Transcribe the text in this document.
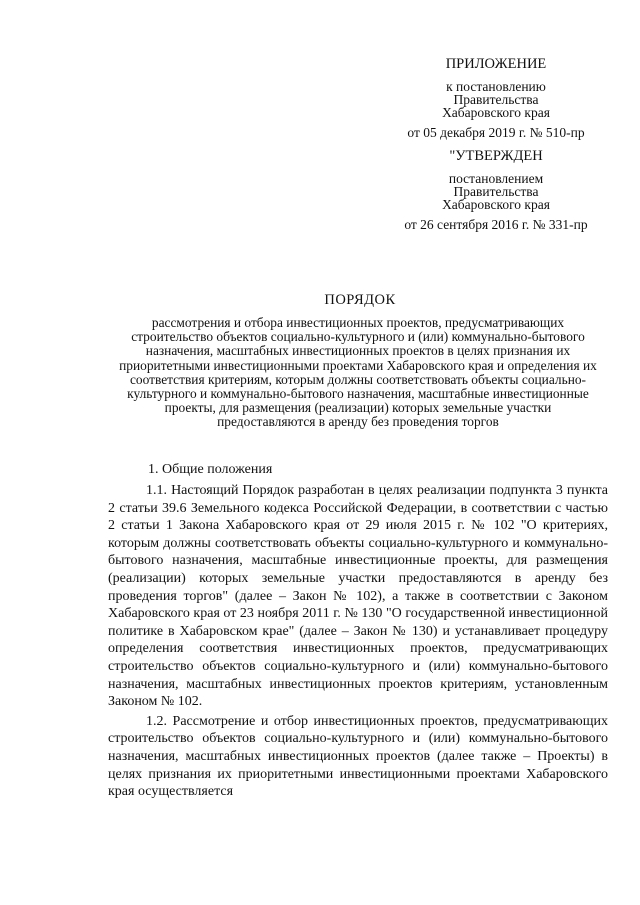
ПРИЛОЖЕНИЕ
к постановлению
Правительства
Хабаровского края
от 05 декабря 2019 г. № 510-пр
"УТВЕРЖДЕН
постановлением
Правительства
Хабаровского края
от 26 сентября 2016 г. № 331-пр
ПОРЯДОК
рассмотрения и отбора инвестиционных проектов, предусматривающих строительство объектов социально-культурного и (или) коммунально-бытового назначения, масштабных инвестиционных проектов в целях признания их приоритетными инвестиционными проектами Хабаровского края и определения их соответствия критериям, которым должны соответствовать объекты социально-культурного и коммунально-бытового назначения, масштабные инвестиционные проекты, для размещения (реализации) которых земельные участки предоставляются в аренду без проведения торгов
1. Общие положения

1.1. Настоящий Порядок разработан в целях реализации подпункта 3 пункта 2 статьи 39.6 Земельного кодекса Российской Федерации, в соответствии с частью 2 статьи 1 Закона Хабаровского края от 29 июля 2015 г. № 102 "О критериях, которым должны соответствовать объекты социально-культурного и коммунально-бытового назначения, масштабные инвестиционные проекты, для размещения (реализации) которых земельные участки предоставляются в аренду без проведения торгов" (далее – Закон № 102), а также в соответствии с Законом Хабаровского края от 23 ноября 2011 г. № 130 "О государственной инвестиционной политике в Хабаровском крае" (далее – Закон № 130) и устанавливает процедуру определения соответствия инвестиционных проектов, предусматривающих строительство объектов социально-культурного и (или) коммунально-бытового назначения, масштабных инвестиционных проектов критериям, установленным Законом № 102.

1.2. Рассмотрение и отбор инвестиционных проектов, предусматривающих строительство объектов социально-культурного и (или) коммунально-бытового назначения, масштабных инвестиционных проектов (далее также – Проекты) в целях признания их приоритетными инвестиционными проектами Хабаровского края осуществляется
